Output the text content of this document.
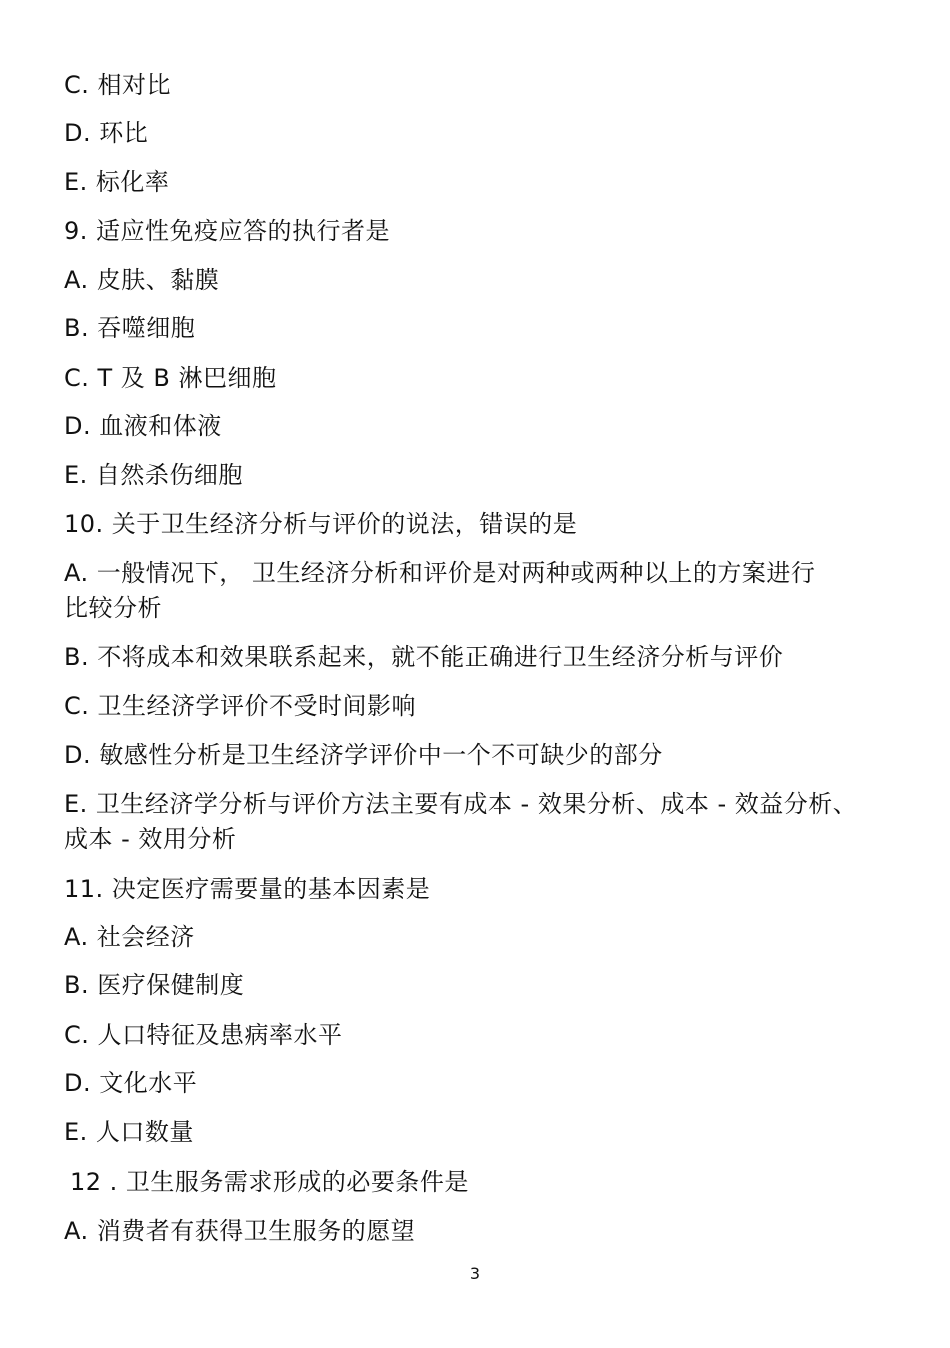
C. 相对比
D. 环比
E. 标化率
9. 适应性免疫应答的执行者是
A. 皮肤、黏膜
B. 吞噬细胞
C. T 及 B 淋巴细胞
D. 血液和体液
E. 自然杀伤细胞
10. 关于卫生经济分析与评价的说法，错误的是
A. 一般情况下， 卫生经济分析和评价是对两种或两种以上的方案进行
比较分析
B. 不将成本和效果联系起来，就不能正确进行卫生经济分析与评价
C. 卫生经济学评价不受时间影响
D. 敏感性分析是卫生经济学评价中一个不可缺少的部分
E. 卫生经济学分析与评价方法主要有成本 - 效果分析、成本 - 效益分析、
成本 - 效用分析
11. 决定医疗需要量的基本因素是
A. 社会经济
B. 医疗保健制度
C. 人口特征及患病率水平
D. 文化水平
E. 人口数量
12 . 卫生服务需求形成的必要条件是
A. 消费者有获得卫生服务的愿望
3
